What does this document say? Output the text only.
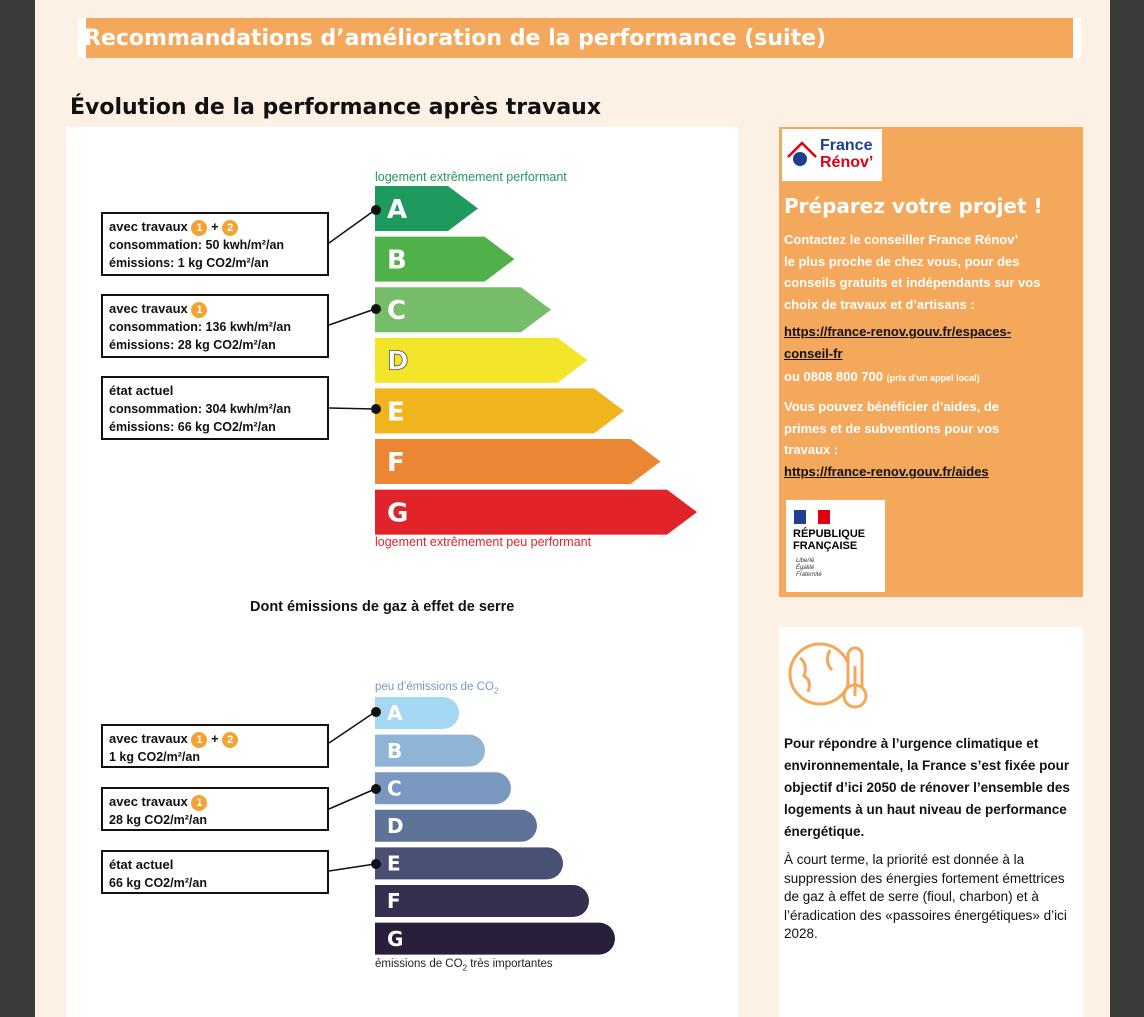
Recommandations d’amélioration de la performance (suite)
Évolution de la performance après travaux
logement extrêmement performant
logement extrêmement peu performant
avec travaux 1 + 2
consommation: 50 kwh/m²/an
émissions: 1 kg CO2/m²/an
avec travaux 1
consommation: 136 kwh/m²/an
émissions: 28 kg CO2/m²/an
état actuel
consommation: 304 kwh/m²/an
émissions: 66 kg CO2/m²/an
A
B
C
D
E
F
G
A
B
C
D
E
F
G
Dont émissions de gaz à effet de serre
peu d’émissions de $CO_2$
émissions de $CO_2$ très importantes
avec travaux 1 + 2
1 kg CO2/m²/an
avec travaux 1
28 kg CO2/m²/an
état actuel
66 kg CO2/m²/an
France
Rénov’
Préparez votre projet !
Contactez le conseiller France Rénov’
le plus proche de chez vous, pour des
conseils gratuits et indépendants sur vos
choix de travaux et d’artisans :
https://france-renov.gouv.fr/espaces-
conseil-fr
ou 0808 800 700 (prix d’un appel local)
Vous pouvez bénéficier d’aides, de
primes et de subventions pour vos
travaux :
https://france-renov.gouv.fr/aides
RÉPUBLIQUE
FRANÇAISE
Liberté
Égalité
Fraternité
Pour répondre à l’urgence climatique et environnementale, la France s’est fixée pour objectif d’ici 2050 de rénover l’ensemble des logements à un haut niveau de performance énergétique.
À court terme, la priorité est donnée à la suppression des énergies fortement émettrices de gaz à effet de serre (fioul, charbon) et à l’éradication des «passoires énergétiques» d’ici 2028.
